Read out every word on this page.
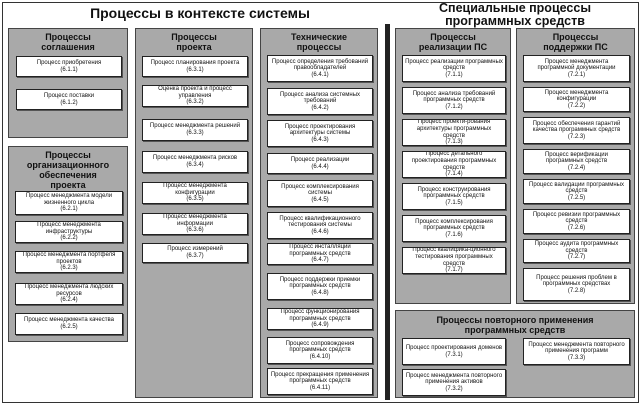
Процессы в контексте системы	Специальные процессы
программных средств
Процессы
соглашения
Процесс приобретения
(6.1.1)
Процесс поставки
(6.1.2)
Процессы
организационного
обеспечения
проекта
Процесс менеджмента модели жизненного цикла
(6.2.1)
Процесс менеджмента инфраструктуры
(6.2.2)
Процесс менеджмента портфеля проектов
(6.2.3)
Процесс менеджмента людских ресурсов
(6.2.4)
Процесс менеджмента качества
(6.2.5)
Процессы
проекта
Процесс планирования проекта
(6.3.1)
Оценка проекта и процесс управления
(6.3.2)
Процесс менеджмента решений
(6.3.3)
Процесс менеджмента рисков
(6.3.4)
Процесс менеджмента конфигурации
(6.3.5)
Процесс менеджмента информации
(6.3.6)
Процесс измерений
(6.3.7)
Технические
процессы
Процесс определения требований правообладателей
(6.4.1)
Процесс анализа системных требований
(6.4.2)
Процесс проектирования архитектуры системы
(6.4.3)
Процесс реализации
(6.4.4)
Процесс комплексирования системы
(6.4.5)
Процесс квалификационного тестирования системы
(6.4.6)
Процесс инсталляции программных средств
(6.4.7)
Процесс поддержки приемки программных средств
(6.4.8)
Процесс функционирования программных средств
(6.4.9)
Процесс сопровождения программных средств
(6.4.10)
Процесс прекращения применения программных средств
(6.4.11)
Процессы
реализации ПС
Процесс реализации программных средств
(7.1.1)
Процесс анализа требований программных средств
(7.1.2)
Процесс проекти-рования архитектуры программных средств
(7.1.3)
Процесс детального проектирования программных средств
(7.1.4)
Процесс конструирования программных средств
(7.1.5)
Процесс комплексирования программных средств
(7.1.6)
Процесс квалифика-ционного тестирования программных средств
(7.1.7)
Процессы
поддержки ПС
Процесс менеджмента программной документации
(7.2.1)
Процесс менеджмента конфигурации
(7.2.2)
Процесс обеспечения гарантий качества программных средств
(7.2.3)
Процесс верификации программных средств
(7.2.4)
Процесс валидации программных средств
(7.2.5)
Процесс ревизии программных средств
(7.2.6)
Процесс аудита программных средств
(7.2.7)
Процесс решения проблем в программных средствах
(7.2.8)
Процессы повторного применения
программных средств
Процесс проектирования доменов
(7.3.1)
Процесс менеджмента повторного применения активов
(7.3.2)
Процесс менеджмента повторного применения программ
(7.3.3)
